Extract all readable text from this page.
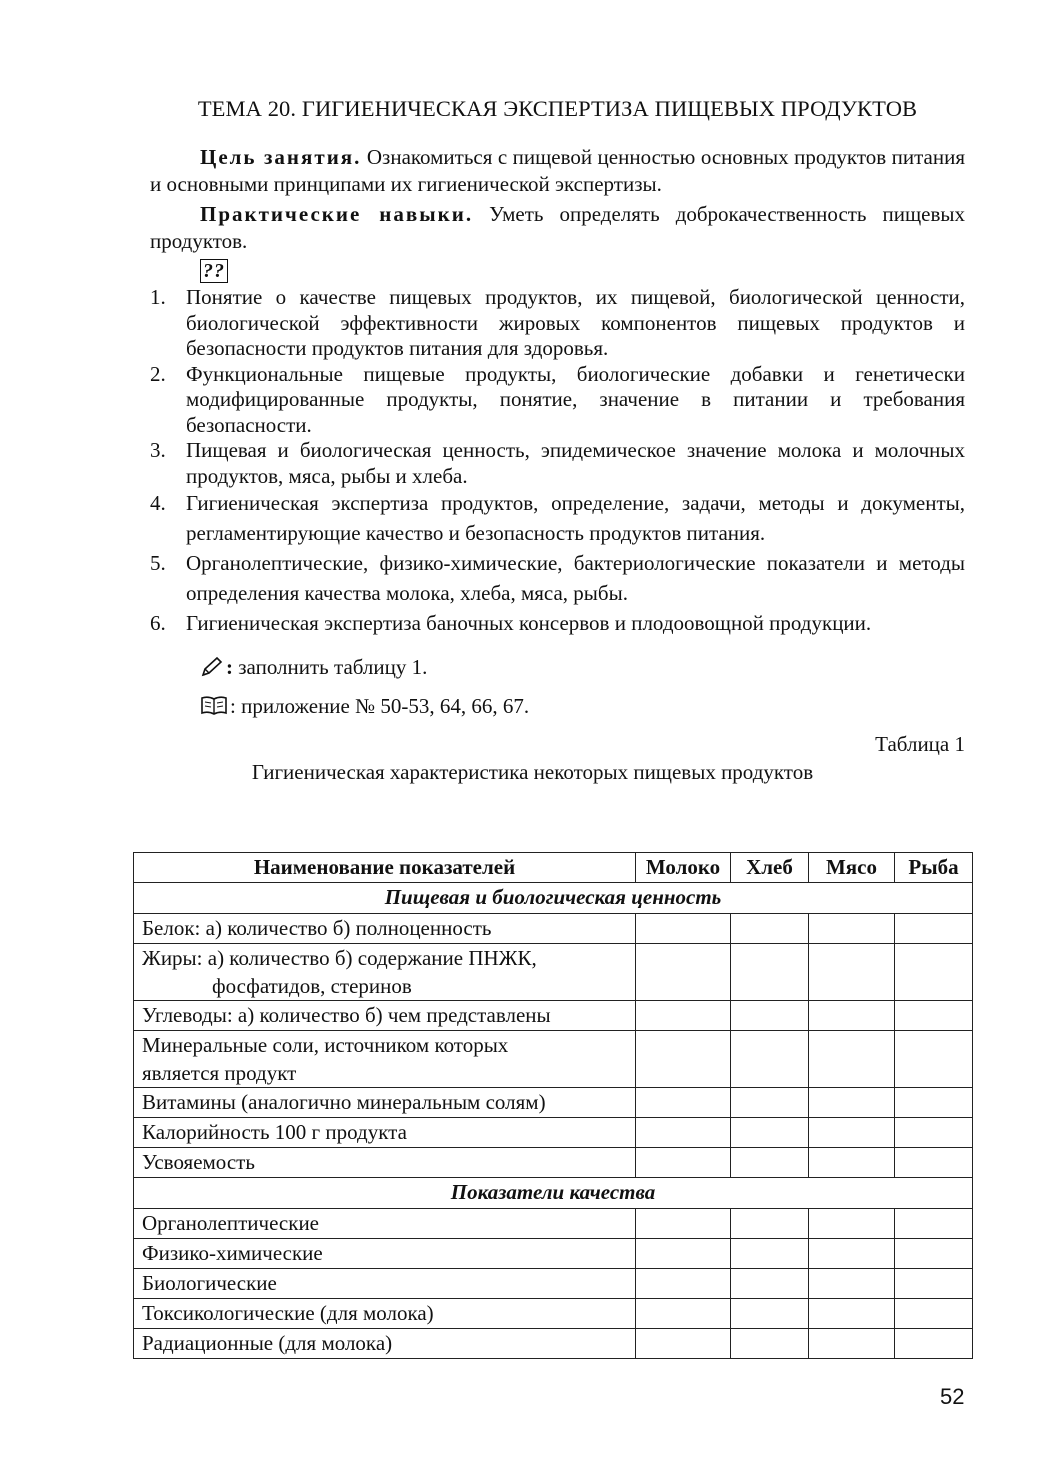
ТЕМА 20. ГИГИЕНИЧЕСКАЯ ЭКСПЕРТИЗА ПИЩЕВЫХ ПРОДУКТОВ

Цель занятия. Ознакомиться с пищевой ценностью основных продуктов питания и основными принципами их гигиенической экспертизы.

Практические навыки. Уметь определять доброкачественность пищевых продуктов.

??
1. Понятие о качестве пищевых продуктов, их пищевой, биологической ценности, биологической эффективности жировых компонентов пищевых продуктов и безопасности продуктов питания для здоровья.
2. Функциональные пищевые продукты, биологические добавки и генетически модифицированные продукты, понятие, значение в питании и требования безопасности.
3. Пищевая и биологическая ценность, эпидемическое значение молока и молочных продуктов, мяса, рыбы и хлеба.
4. Гигиеническая экспертиза продуктов, определение, задачи, методы и документы, регламентирующие качество и безопасность продуктов питания.
5. Органолептические, физико-химические, бактериологические показатели и методы определения качества молока, хлеба, мяса, рыбы.
6. Гигиеническая экспертиза баночных консервов и плодоовощной продукции.
:
заполнить таблицу 1.
: приложение № 50-53, 64, 66, 67.
Таблица 1
Гигиеническая характеристика некоторых пищевых продуктов
Наименование показателей	Молоко	Хлеб	Мясо	Рыба
Пищевая и биологическая ценность				
Белок: а) количество б) полноценность				
Жиры: а) количество б) содержание ПНЖК,
фосфатидов, стеринов				

Углеводы: а) количество б) чем представлены				
Минеральные соли, источником которых
является продукт				
Витамины (аналогично минеральным солям)				
Калорийность 100 г продукта				
Усвояемость				
Показатели качества				
Органолептические				
Физико-химические				
Биологические				
Токсикологические (для молока)				
Радиационные (для молока)				
52
